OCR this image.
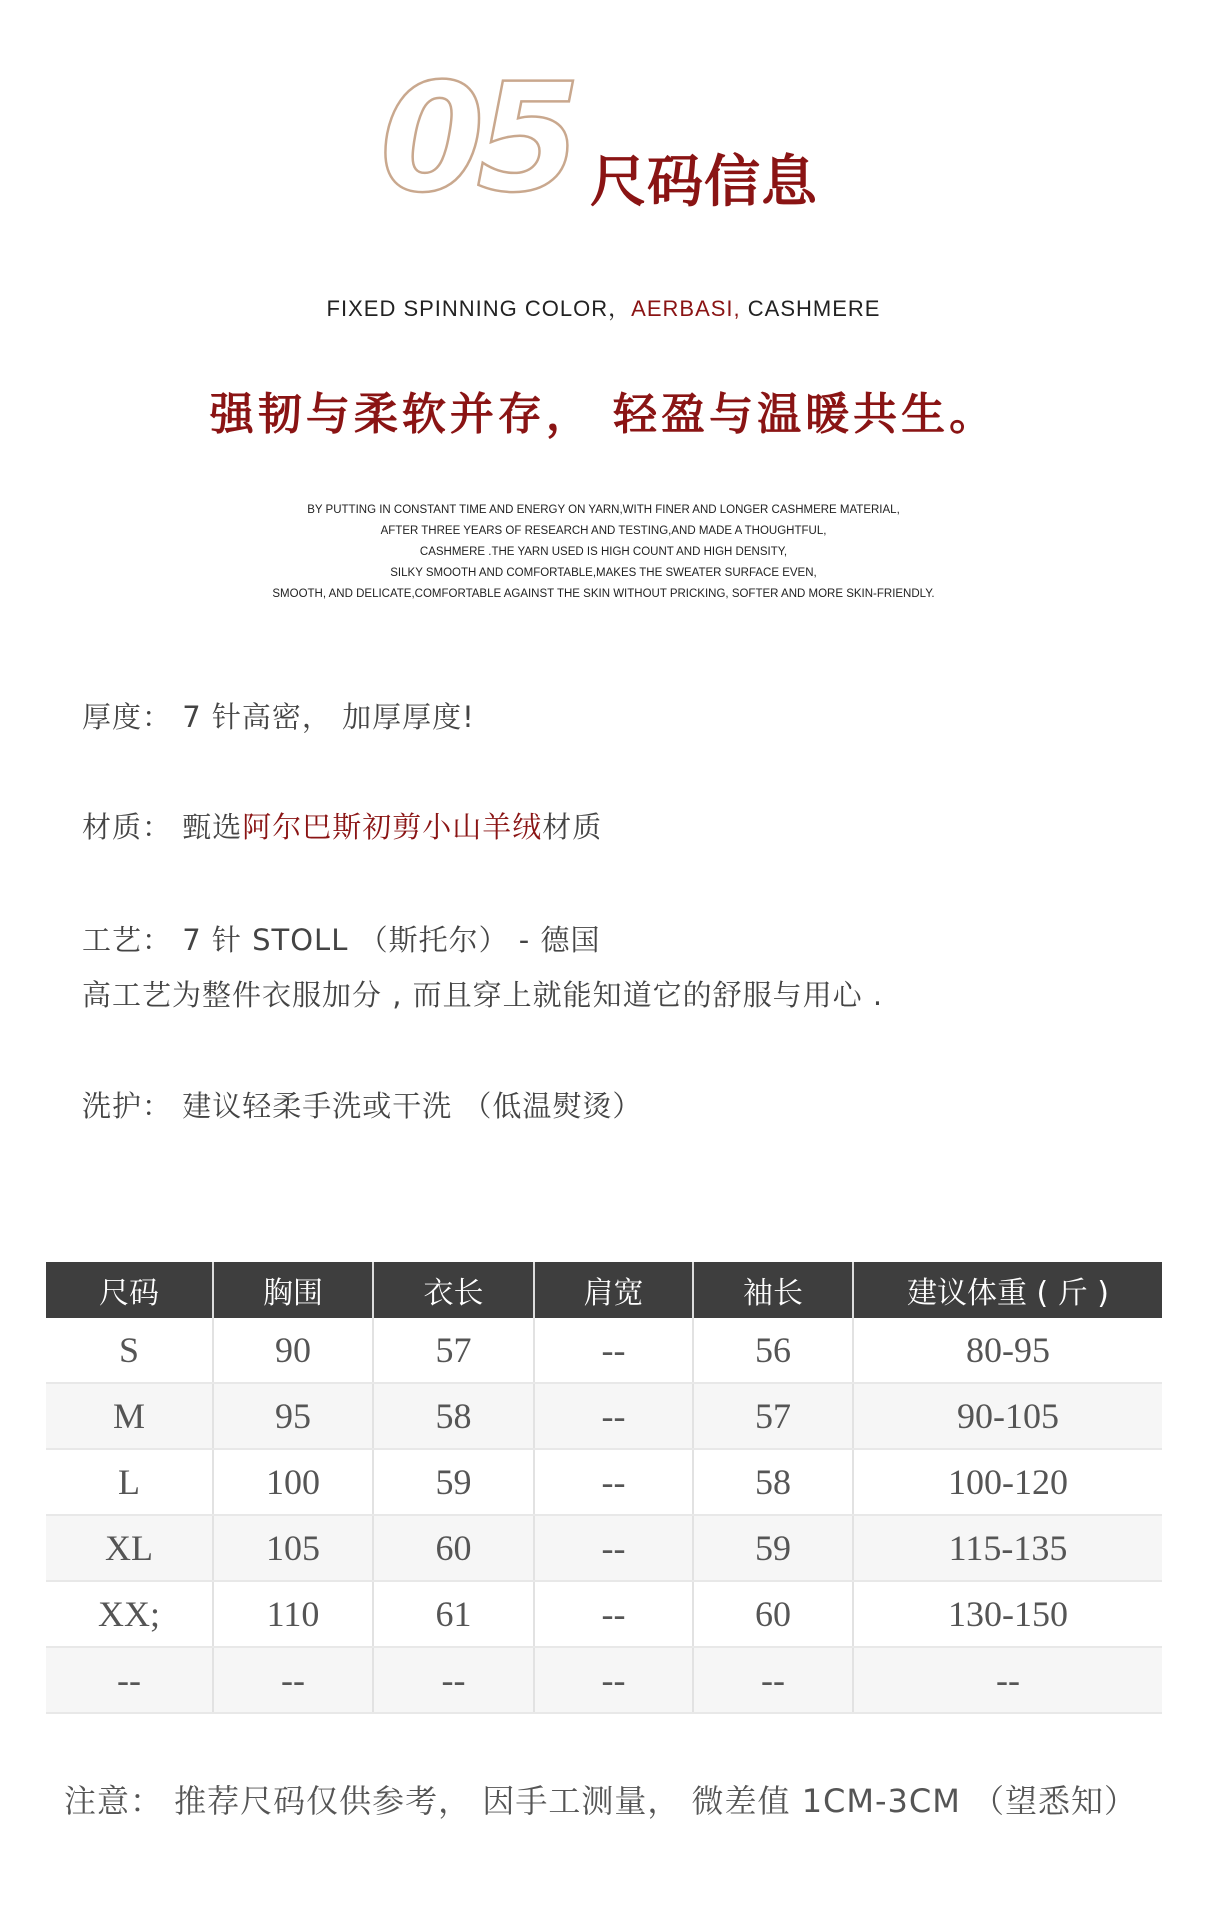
05 尺码信息
FIXED SPINNING COLOR，AERBASI, CASHMERE
强韧与柔软并存， 轻盈与温暖共生。
BY PUTTING IN CONSTANT TIME AND ENERGY ON YARN,WITH FINER AND LONGER CASHMERE MATERIAL,
AFTER THREE YEARS OF RESEARCH AND TESTING,AND MADE A THOUGHTFUL,
CASHMERE .THE YARN USED IS HIGH COUNT AND HIGH DENSITY,
SILKY SMOOTH AND COMFORTABLE,MAKES THE SWEATER SURFACE EVEN,
SMOOTH, AND DELICATE,COMFORTABLE AGAINST THE SKIN WITHOUT PRICKING, SOFTER AND MORE SKIN-FRIENDLY.
厚度： 7 针高密， 加厚厚度!
材质： 甄选阿尔巴斯初剪小山羊绒材质
工艺： 7 针 STOLL （斯托尔） - 德国
高工艺为整件衣服加分 , 而且穿上就能知道它的舒服与用心 .
洗护： 建议轻柔手洗或干洗 （低温熨烫）
尺码	胸围	衣长	肩宽	袖长	建议体重 ( 斤 )
S	90	57	--	56	80-95
M	95	58	--	57	90-105
L	100	59	--	58	100-120
XL	105	60	--	59	115-135
XX;	110	61	--	60	130-150
--	--	--	--	--	--
注意： 推荐尺码仅供参考， 因手工测量， 微差值 1CM-3CM （望悉知）
